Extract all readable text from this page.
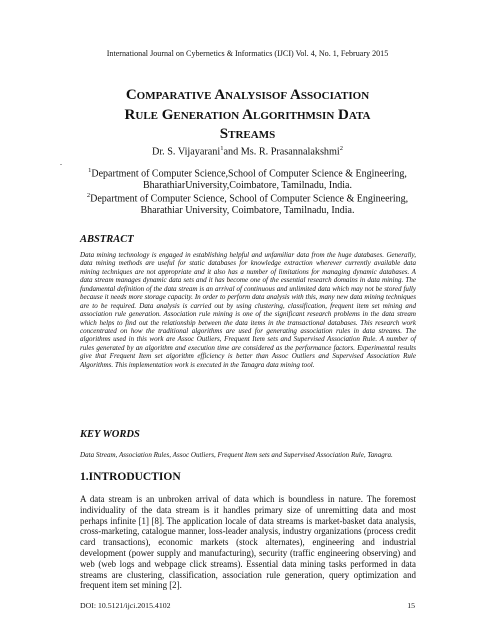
International Journal on Cybernetics & Informatics (IJCI) Vol. 4, No. 1, February 2015
Comparative Analysisof Association
Rule Generation Algorithmsin Data
Streams
Dr. S. Vijayarani$^1$and Ms. R. Prasannalakshmi$^2$
.
$^1$Department of Computer Science,School of Computer Science & Engineering,
BharathiarUniversity,Coimbatore, Tamilnadu, India.
$^2$Department of Computer Science, School of Computer Science & Engineering,
Bharathiar University, Coimbatore, Tamilnadu, India.
ABSTRACT
Data mining technology is engaged in establishing helpful and unfamiliar data from the huge databases. Generally, data mining methods are useful for static databases for knowledge extraction wherever currently available data mining techniques are not appropriate and it also has a number of limitations for managing dynamic databases. A data stream manages dynamic data sets and it has become one of the essential research domains in data mining. The fundamental definition of the data stream is an arrival of continuous and unlimited data which may not be stored fully because it needs more storage capacity. In order to perform data analysis with this, many new data mining techniques are to be required. Data analysis is carried out by using clustering, classification, frequent item set mining and association rule generation. Association rule mining is one of the significant research problems in the data stream which helps to find out the relationship between the data items in the transactional databases. This research work concentrated on how the traditional algorithms are used for generating association rules in data streams. The algorithms used in this work are Assoc Outliers, Frequent Item sets and Supervised Association Rule. A number of rules generated by an algorithm and execution time are considered as the performance factors. Experimental results give that Frequent Item set algorithm efficiency is better than Assoc Outliers and Supervised Association Rule Algorithms. This implementation work is executed in the Tanagra data mining tool.
KEY WORDS
Data Stream, Association Rules, Assoc Outliers, Frequent Item sets and Supervised Association Rule, Tanagra.
1.INTRODUCTION
A data stream is an unbroken arrival of data which is boundless in nature. The foremost individuality of the data stream is it handles primary size of unremitting data and most perhaps infinite [1] [8]. The application locale of data streams is market-basket data analysis, cross-marketing, catalogue manner, loss-leader analysis, industry organizations (process credit card transactions), economic markets (stock alternates), engineering and industrial development (power supply and manufacturing), security (traffic engineering observing) and web (web logs and webpage click streams). Essential data mining tasks performed in data streams are clustering, classification, association rule generation, query optimization and frequent item set mining [2].
DOI: 10.5121/ijci.2015.4102	15
